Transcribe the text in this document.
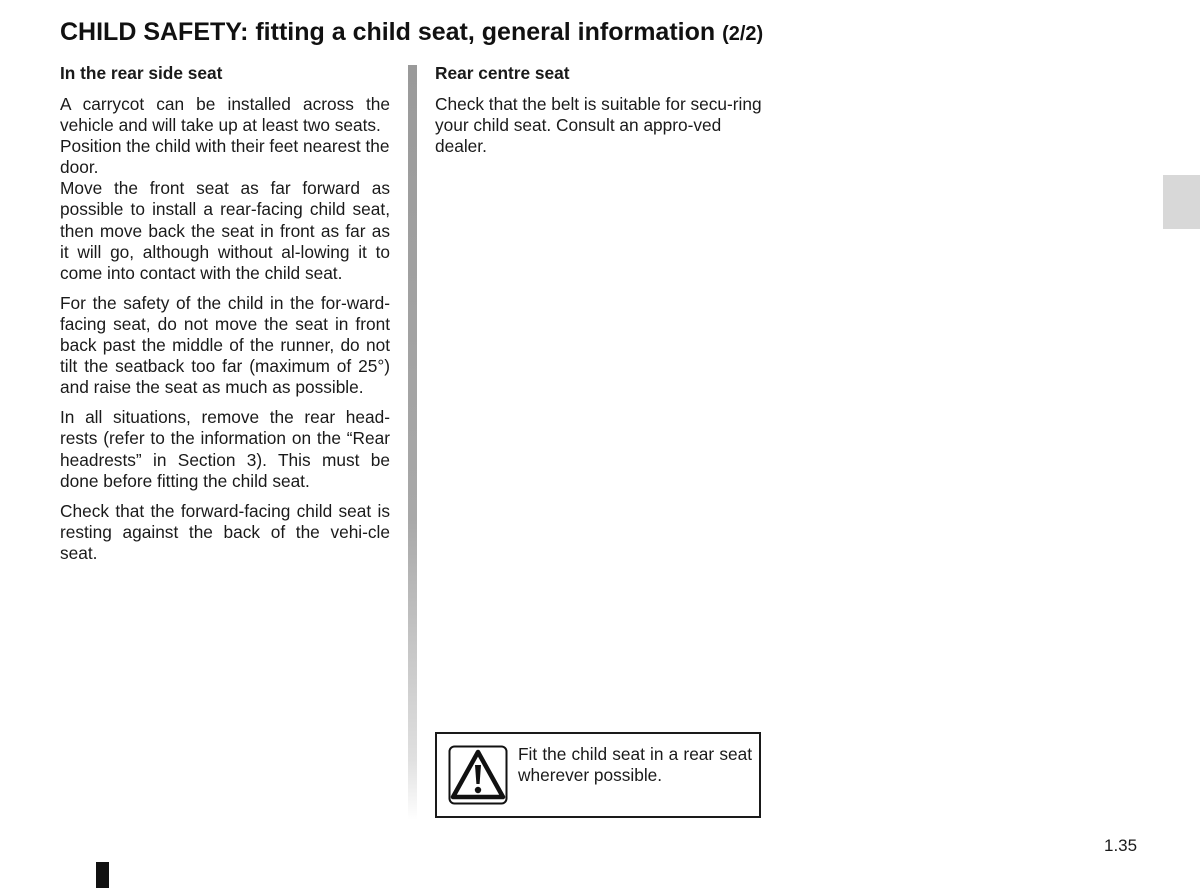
CHILD SAFETY: fitting a child seat, general information (2/2)
In the rear side seat
A carrycot can be installed across the vehicle and will take up at least two seats.
Position the child with their feet nearest the door.
Move the front seat as far forward as possible to install a rear-facing child seat, then move back the seat in front as far as it will go, although without al-lowing it to come into contact with the child seat.
For the safety of the child in the for-ward-facing seat, do not move the seat in front back past the middle of the runner, do not tilt the seatback too far (maximum of 25°) and raise the seat as much as possible.
In all situations, remove the rear head-rests (refer to the information on the “Rear headrests” in Section 3). This must be done before fitting the child seat.
Check that the forward-facing child seat is resting against the back of the vehi-cle seat.
Rear centre seat
Check that the belt is suitable for secu-ring your child seat. Consult an appro-ved dealer.
Fit the child seat in a rear seat wherever possible.
1.35
